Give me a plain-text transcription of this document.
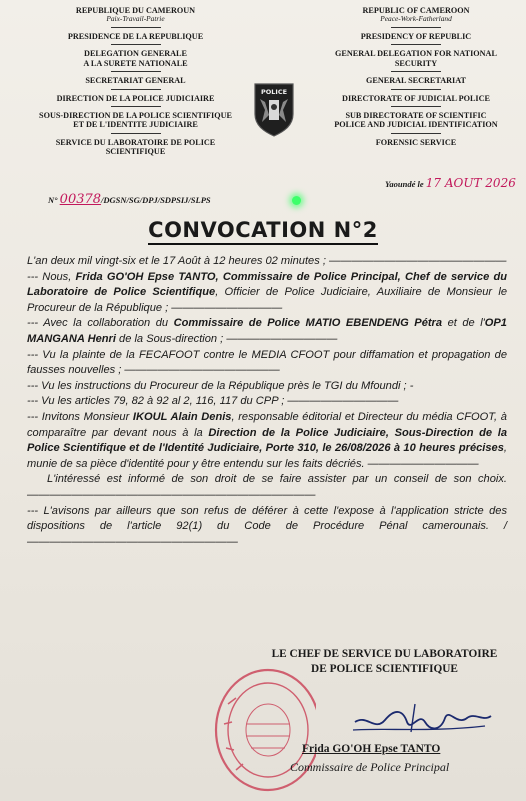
REPUBLIQUE DU CAMEROUN

Paix-Travail-Patrie

PRESIDENCE DE LA REPUBLIQUE

DELEGATION GENERALE

A LA SURETE NATIONALE

SECRETARIAT GENERAL

DIRECTION DE LA POLICE JUDICIAIRE

SOUS-DIRECTION DE LA POLICE SCIENTIFIQUE

ET DE L'IDENTITE JUDICIAIRE

SERVICE DU LABORATOIRE DE POLICE

SCIENTIFIQUE

REPUBLIC OF CAMEROON

Peace-Work-Fatherland

PRESIDENCY OF REPUBLIC

GENERAL DELEGATION FOR NATIONAL

SECURITY

GENERAL SECRETARIAT

DIRECTORATE OF JUDICIAL POLICE

SUB DIRECTORATE OF SCIENTIFIC

POLICE AND JUDICIAL IDENTIFICATION

FORENSIC SERVICE

POLICE
Yaoundé le 17 AOUT 2026
N° 00378/DGSN/SG/DPJ/SDPSIJ/SLPS
CONVOCATION N°2

L'an deux mil vingt-six et le 17 Août à 12 heures 02 minutes ; ————————————————

--- Nous, Frida GO'OH Epse TANTO, Commissaire de Police Principal, Chef de service du Laboratoire de Police Scientifique, Officier de Police Judiciaire, Auxiliaire de Monsieur le Procureur de la République ; ——————————

--- Avec la collaboration du Commissaire de Police MATIO EBENDENG Pétra et de l'OP1 MANGANA Henri de la Sous-direction ; ——————————

--- Vu la plainte de la FECAFOOT contre le MEDIA CFOOT pour diffamation et propagation de fausses nouvelles ; ——————————————

--- Vu les instructions du Procureur de la République près le TGI du Mfoundi ; -

--- Vu les articles 79, 82 à 92 al 2, 116, 117 du CPP ; ——————————

--- Invitons Monsieur IKOUL Alain Denis, responsable éditorial et Directeur du média CFOOT, à comparaître par devant nous à la Direction de la Police Judiciaire, Sous-Direction de la Police Scientifique et de l'Identité Judiciaire, Porte 310, le 26/08/2026 à 10 heures précises, munie de sa pièce d'identité pour y être entendu sur les faits décriés. ——————————

L'intéressé est informé de son droit de se faire assister par un conseil de son choix. ——————————————————————————

--- L'avisons par ailleurs que son refus de déférer à cette l'expose à l'application stricte des dispositions de l'article 92(1) du Code de Procédure Pénal camerounais. /———————————————————

LE CHEF DE SERVICE DU LABORATOIRE
DE POLICE SCIENTIFIQUE
Frida GO'OH Epse TANTO
Commissaire de Police Principal
